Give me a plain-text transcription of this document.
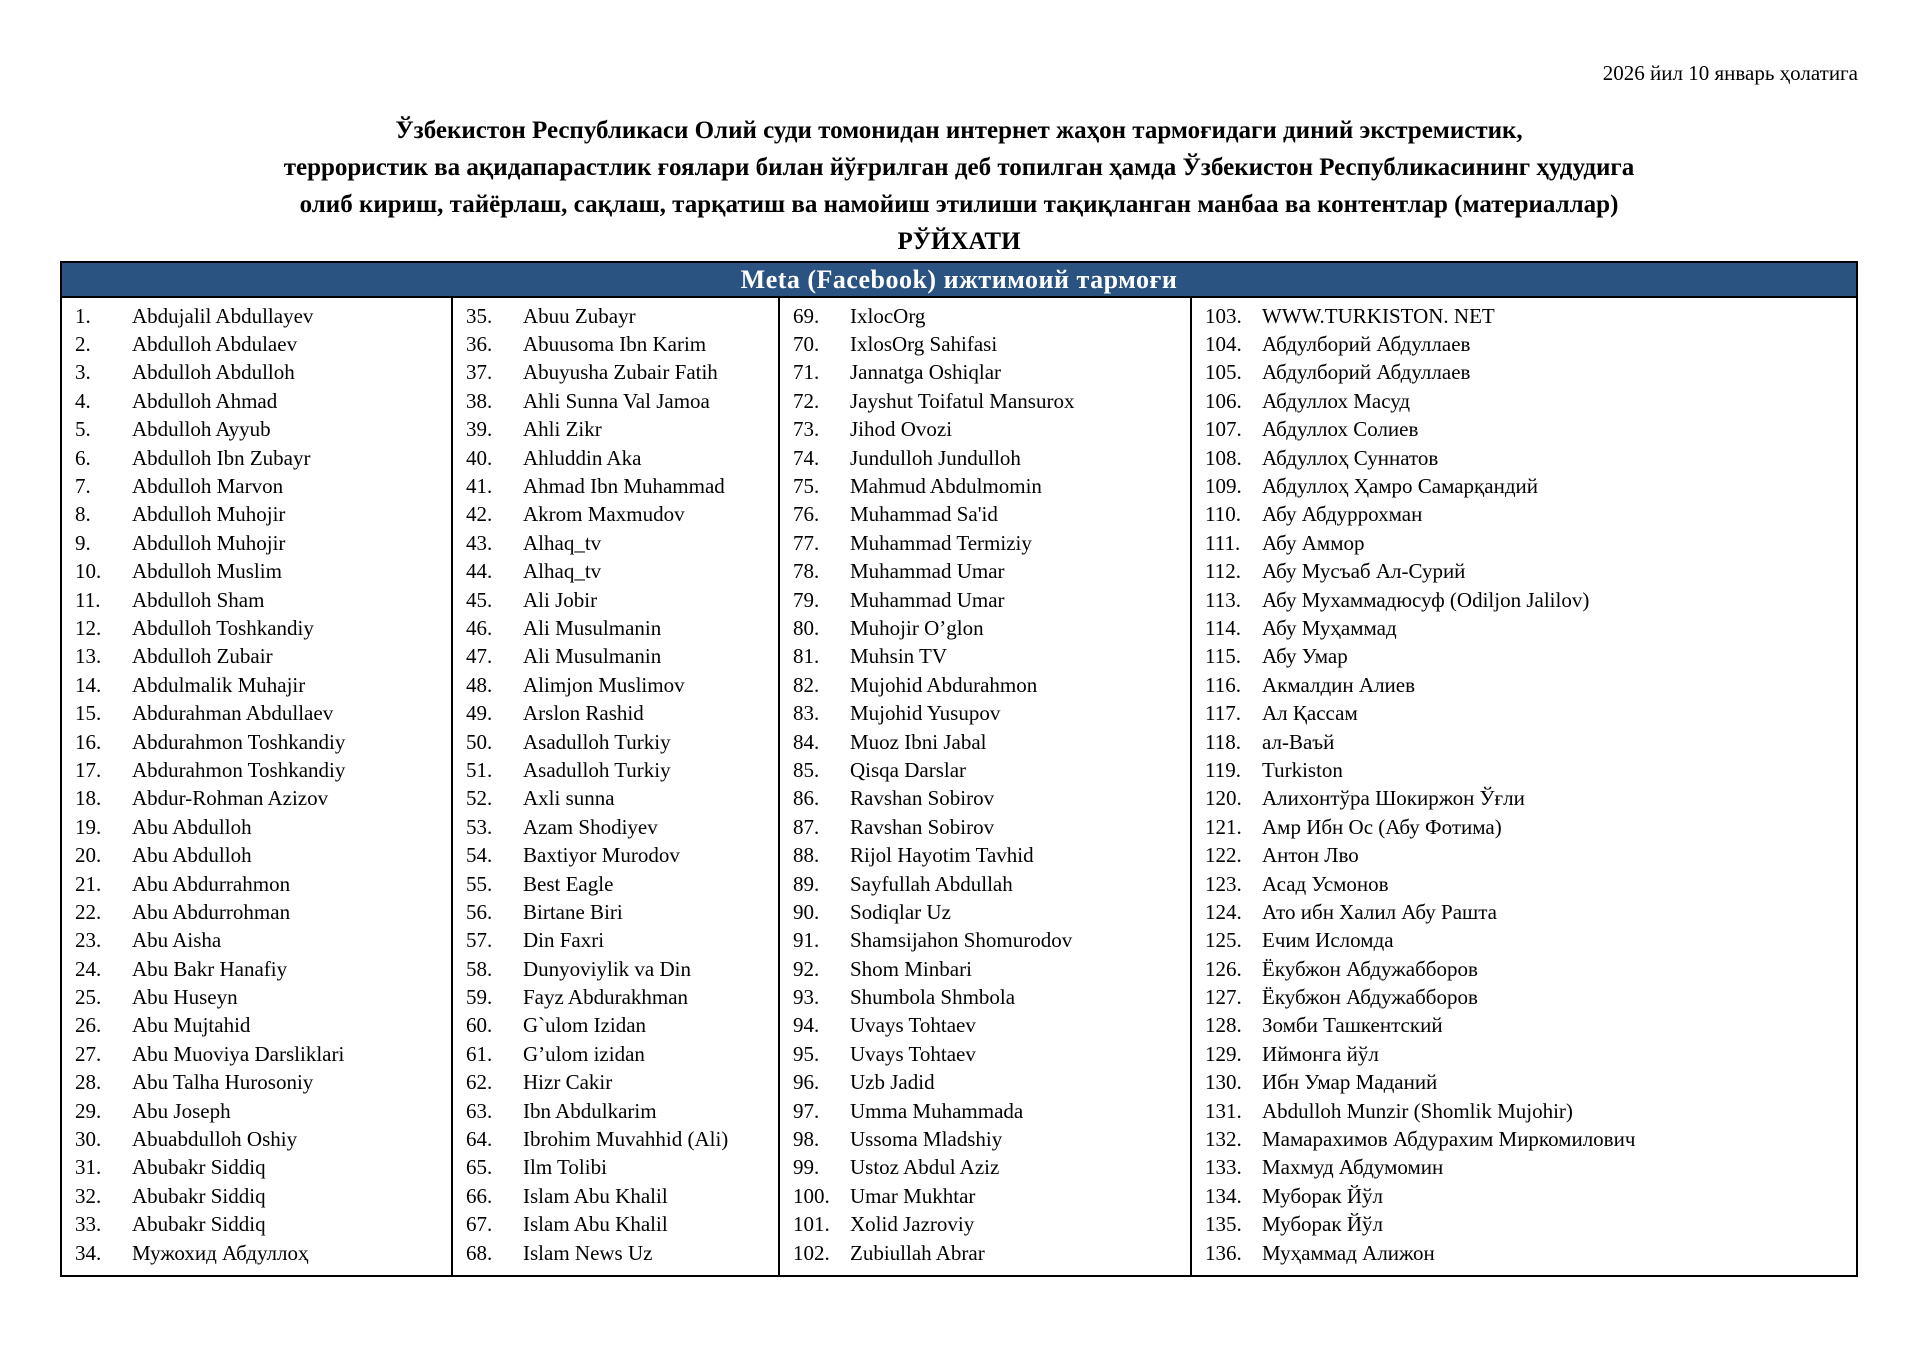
2026 йил 10 январь ҳолатига
Ўзбекистон Республикаси Олий суди томонидан интернет жаҳон тармоғидаги диний экстремистик,
террористик ва ақидапарастлик ғоялари билан йўғрилган деб топилган ҳамда Ўзбекистон Республикасининг ҳудудига
олиб кириш, тайёрлаш, сақлаш, тарқатиш ва намойиш этилиши тақиқланган манбаа ва контентлар (материаллар)
РЎЙХАТИ
Meta (Facebook) ижтимоий тармоғи
1.	Abdujalil Abdullayev
2.	Abdulloh Abdulaev
3.	Abdulloh Abdulloh
4.	Abdulloh Ahmad
5.	Abdulloh Ayyub
6.	Abdulloh Ibn Zubayr
7.	Abdulloh Marvon
8.	Abdulloh Muhojir
9.	Abdulloh Muhojir
10.	Abdulloh Muslim
11.	Abdulloh Sham
12.	Abdulloh Toshkandiy
13.	Abdulloh Zubair
14.	Abdulmalik Muhajir
15.	Abdurahman Abdullaev
16.	Abdurahmon Toshkandiy
17.	Abdurahmon Toshkandiy
18.	Abdur-Rohman Azizov
19.	Abu Abdulloh
20.	Abu Abdulloh
21.	Abu Abdurrahmon
22.	Abu Abdurrohman
23.	Abu Aisha
24.	Abu Bakr Hanafiy
25.	Abu Huseyn
26.	Abu Mujtahid
27.	Abu Muoviya Darsliklari
28.	Abu Talha Hurosoniy
29.	Abu Joseph
30.	Abuabdulloh Oshiy
31.	Abubakr Siddiq
32.	Abubakr Siddiq
33.	Abubakr Siddiq
34.	Мужохид Абдуллоҳ
35.	Abuu Zubayr
36.	Abuusoma Ibn Karim
37.	Abuyusha Zubair Fatih
38.	Ahli Sunna Val Jamoa
39.	Ahli Zikr
40.	Ahluddin Aka
41.	Ahmad Ibn Muhammad
42.	Akrom Maxmudov
43.	Alhaq_tv
44.	Alhaq_tv
45.	Ali Jobir
46.	Ali Musulmanin
47.	Ali Musulmanin
48.	Alimjon Muslimov
49.	Arslon Rashid
50.	Asadulloh Turkiy
51.	Asadulloh Turkiy
52.	Axli sunna
53.	Azam Shodiyev
54.	Baxtiyor Murodov
55.	Best Eagle
56.	Birtane Biri
57.	Din Faxri
58.	Dunyoviylik va Din
59.	Fayz Abdurakhman
60.	G`ulom Izidan
61.	G’ulom izidan
62.	Hizr Cakir
63.	Ibn Abdulkarim
64.	Ibrohim Muvahhid (Ali)
65.	Ilm Tolibi
66.	Islam Abu Khalil
67.	Islam Abu Khalil
68.	Islam News Uz
69.	IxlocOrg
70.	IxlosOrg Sahifasi
71.	Jannatga Oshiqlar
72.	Jayshut Toifatul Mansurox
73.	Jihod Ovozi
74.	Jundulloh Jundulloh
75.	Mahmud Abdulmomin
76.	Muhammad Sa'id
77.	Muhammad Termiziy
78.	Muhammad Umar
79.	Muhammad Umar
80.	Muhojir O’glon
81.	Muhsin TV
82.	Mujohid Abdurahmon
83.	Mujohid Yusupov
84.	Muoz Ibni Jabal
85.	Qisqa Darslar
86.	Ravshan Sobirov
87.	Ravshan Sobirov
88.	Rijol Hayotim Tavhid
89.	Sayfullah Abdullah
90.	Sodiqlar Uz
91.	Shamsijahon Shomurodov
92.	Shom Minbari
93.	Shumbola Shmbola
94.	Uvays Tohtaev
95.	Uvays Tohtaev
96.	Uzb Jadid
97.	Umma Muhammada
98.	Ussoma Mladshiy
99.	Ustoz Abdul Aziz
100. Umar Mukhtar
101. Xolid Jazroviy
102. Zubiullah Abrar
103. WWW.TURKISTON. NET
104. Абдулборий Абдуллаев
105. Абдулборий Абдуллаев
106. Абдуллох Масуд
107. Абдуллох Солиев
108. Абдуллоҳ Суннатов
109. Абдуллоҳ Ҳамро Самарқандий
110.	Абу Абдуррохман
111.	Абу Аммор
112.	Абу Мусъаб Ал-Сурий
113.	Абу Мухаммадюсуф (Odiljon Jalilov)
114.	Абу Муҳаммад
115.	Абу Умар
116.	Акмалдин Алиев
117.	Ал Қассам
118.	ал-Ваъй
119.	Turkiston
120. Алихонтўра Шокиржон Ўғли
121. Амр Ибн Ос (Абу Фотима)
122. Антон Лво
123. Асад Усмонов
124. Ато ибн Халил Абу Рашта
125. Ечим Исломда
126. Ёкубжон Абдужабборов
127. Ёкубжон Абдужабборов
128. Зомби Ташкентский
129. Иймонга йўл
130. Ибн Умар Маданий
131. Abdulloh Munzir (Shomlik Mujohir)
132. Мамарахимов Абдурахим Миркомилович
133. Махмуд Абдумомин
134. Муборак Йўл
135. Муборак Йўл
136. Муҳаммад Алижон
